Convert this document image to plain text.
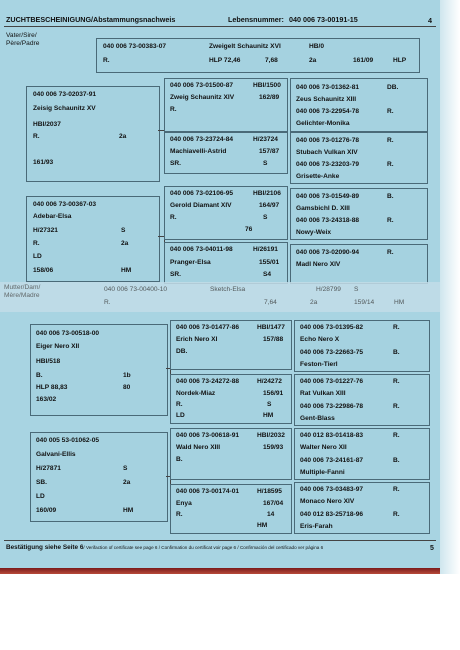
ZUCHTBESCHEINIGUNG/Abstammungsnachweis	Lebensnummer: 040 006 73-00191-15	4
Vater/Sire/
Père/Padre	040 006 73-00383-07	Zweigelt Schaunitz XVI	HB/0
R.	HLP 72,46	7,68	2a	161/09	HLP
040 006 73-02037-91
Zeisig Schaunitz XV
HBI/2037
R.	2a
161/93
040 006 73-00367-03
Adebar-Elsa
H/27321	S
R.	2a
LD
158/06	HM
040 006 73-01500-87	HBI/1500
Zweig Schaunitz XIV	162/89
R.
040 006 73-23724-84	H/23724
Machiavelli-Astrid	157/87
SR.	S
040 006 73-02106-95	HBI/2106
Gerold Diamant XIV	164/97
R.	S
76
040 006 73-04011-98	H/26191
Pranger-Elsa	155/01
SR.	S4
040 006 73-01362-81	DB.
Zeus Schaunitz XIII
040 006 73-22954-78	R.
Gelichter-Monika
040 006 73-01276-78	R.
Stubach Vulkan XIV
040 006 73-23203-79	R.
Grisette-Anke
040 006 73-01549-89	B.
Gamsbichl D. XIII
040 006 73-24318-88	R.
Nowy-Weix
040 006 73-02090-94	R.
Madl Nero XIV
Mutter/Dam/
Mère/Madre
040 006 73-00400-10	Sketch-Elsa	H/28799 S
R.	7,64	2a	159/14	HM
040 006 73-00518-00
Eiger Nero XII
HBI/518
B.	1b
HLP 88,83	80
163/02
040 005 53-01062-05
Galvani-Ellis
H/27871	S
SB.	2a
LD
160/09	HM
040 006 73-01477-86	HBI/1477
Erich Nero XI	157/88
DB.
040 006 73-24272-88	H/24272
Nordek-Miaz	156/91
R.	S
LD	HM
040 006 73-00618-91	HBI/2032
Wald Nero XIII	159/93
B.
040 006 73-00174-01	H/18595
Enya	167/04
R.	14
HM
040 006 73-01395-82	R.
Echo Nero X
040 006 73-22663-75	B.
Feston-Tierl
040 006 73-01227-76	R.
Rat Vulkan XIII
040 006 73-22986-78	R.
Gent-Blass
040 012 83-01418-83	R.
Walter Nero XII
040 006 73-24161-87	B.
Multiple-Fanni
040 006 73-03483-97	R.
Monaco Nero XIV
040 012 83-25718-96	R.
Eris-Farah
Bestätigung siehe Seite 6/ Verifaction of certificate see page 6 / Confirmation du certificat voir page 6 / Confirmación del certificado ver página 6	5
